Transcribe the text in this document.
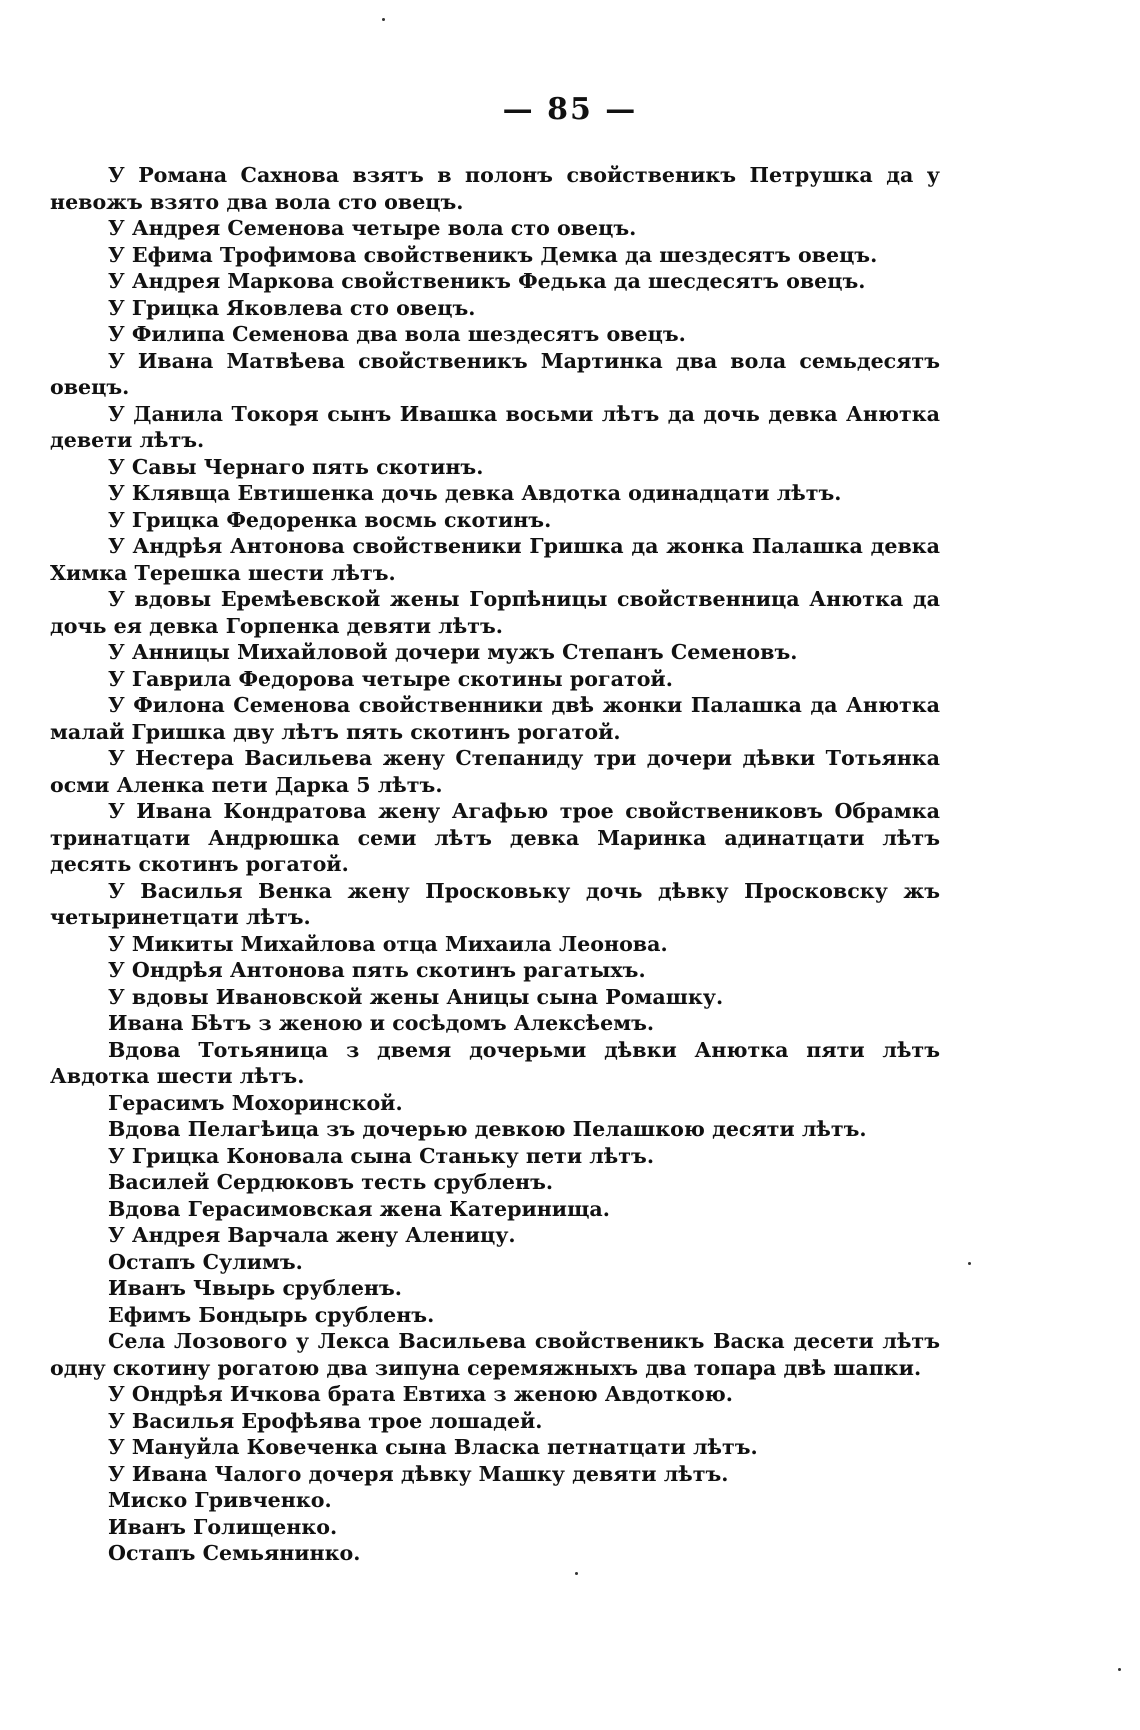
— 85 —

У Романа Сахнова взятъ в полонъ свойственикъ Петрушка да у невожъ взято два вола сто овецъ.

У Андрея Семенова четыре вола сто овецъ.

У Ефима Трофимова свойственикъ Демка да шездесятъ овецъ.

У Андрея Маркова свойственикъ Федька да шесдесятъ овецъ.

У Грицка Яковлева сто овецъ.

У Филипа Семенова два вола шездесятъ овецъ.

У Ивана Матвѣева свойственикъ Мартинка два вола семьдесятъ овецъ.

У Данила Токоря сынъ Ивашка восьми лѣтъ да дочь девка Анютка девети лѣтъ.

У Савы Чернаго пять скотинъ.

У Клявща Евтишенка дочь девка Авдотка одинадцати лѣтъ.

У Грицка Федоренка восмь скотинъ.

У Андрѣя Антонова свойственики Гришка да жонка Палашка девка Химка Терешка шести лѣтъ.

У вдовы Еремѣевской жены Горпѣницы свойственница Анютка да дочь ея девка Горпенка девяти лѣтъ.

У Анницы Михайловой дочери мужъ Степанъ Семеновъ.

У Гаврила Федорова четыре скотины рогатой.

У Филона Семенова свойственники двѣ жонки Палашка да Анютка малай Гришка дву лѣтъ пять скотинъ рогатой.

У Нестера Васильева жену Степаниду три дочери дѣвки Тотьянка осми Аленка пети Дарка 5 лѣтъ.

У Ивана Кондратова жену Агафью трое свойствениковъ Обрамка тринатцати Андрюшка семи лѣтъ девка Маринка адинатцати лѣтъ десять скотинъ рогатой.

У Василья Венка жену Просковьку дочь дѣвку Просковску жъ четыринетцати лѣтъ.

У Микиты Михайлова отца Михаила Леонова.

У Ондрѣя Антонова пять скотинъ рагатыхъ.

У вдовы Ивановской жены Аницы сына Ромашку.

Ивана Бѣтъ з женою и сосѣдомъ Алексѣемъ.

Вдова Тотьяница з двемя дочерьми дѣвки Анютка пяти лѣтъ Авдотка шести лѣтъ.

Герасимъ Мохоринской.

Вдова Пелагѣица зъ дочерью девкою Пелашкою десяти лѣтъ.

У Грицка Коновала сына Станьку пети лѣтъ.

Василей Сердюковъ тесть срубленъ.

Вдова Герасимовская жена Катеринища.

У Андрея Варчала жену Аленицу.

Остапъ Сулимъ.

Иванъ Чвырь срубленъ.

Ефимъ Бондырь срубленъ.

Села Лозового у Лекса Васильева свойственикъ Васка десети лѣтъ одну скотину рогатою два зипуна серемяжныхъ два топара двѣ шапки.

У Ондрѣя Ичкова брата Евтиха з женою Авдоткою.

У Василья Ерофѣява трое лошадей.

У Мануйла Ковеченка сына Власка петнатцати лѣтъ.

У Ивана Чалого дочеря дѣвку Машку девяти лѣтъ.

Миско Гривченко.

Иванъ Голищенко.

Остапъ Семьянинко.
